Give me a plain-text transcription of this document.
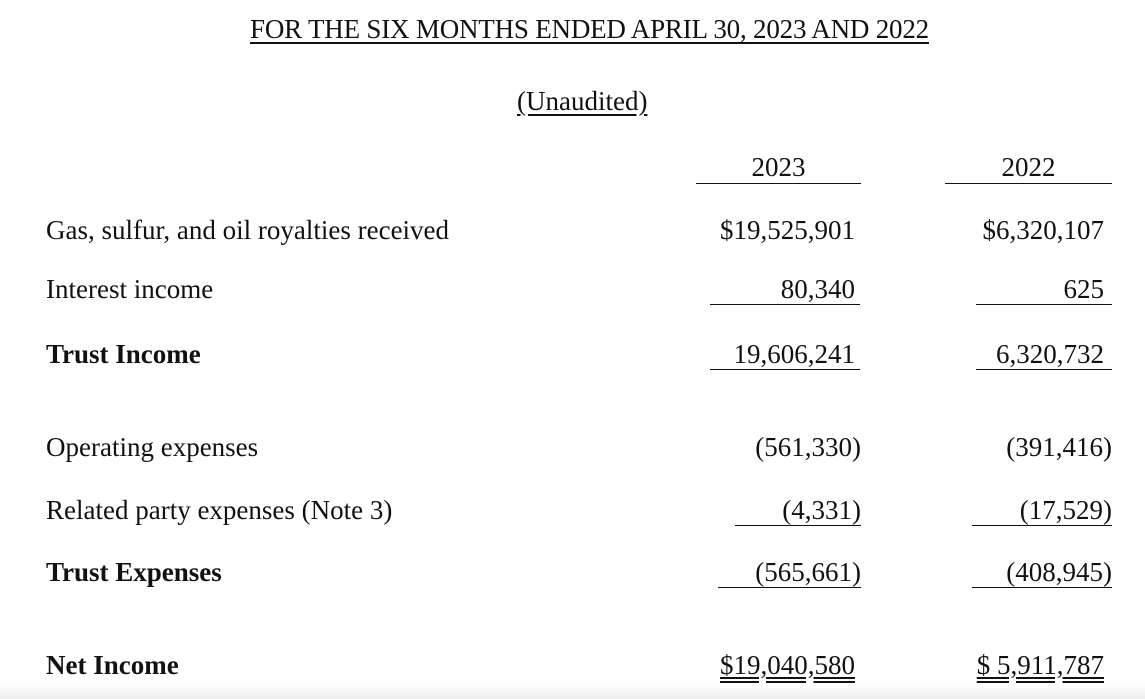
FOR THE SIX MONTHS ENDED APRIL 30, 2023 AND 2022
(Unaudited)
2023	2022
Gas, sulfur, and oil royalties received	$19,525,901	$6,320,107
Interest income	80,340	625
Trust Income	19,606,241	6,320,732
Operating expenses	(561,330)	(391,416)
Related party expenses (Note 3)	(4,331)	(17,529)
Trust Expenses	(565,661)	(408,945)
Net Income	$19,040,580	$ 5,911,787
